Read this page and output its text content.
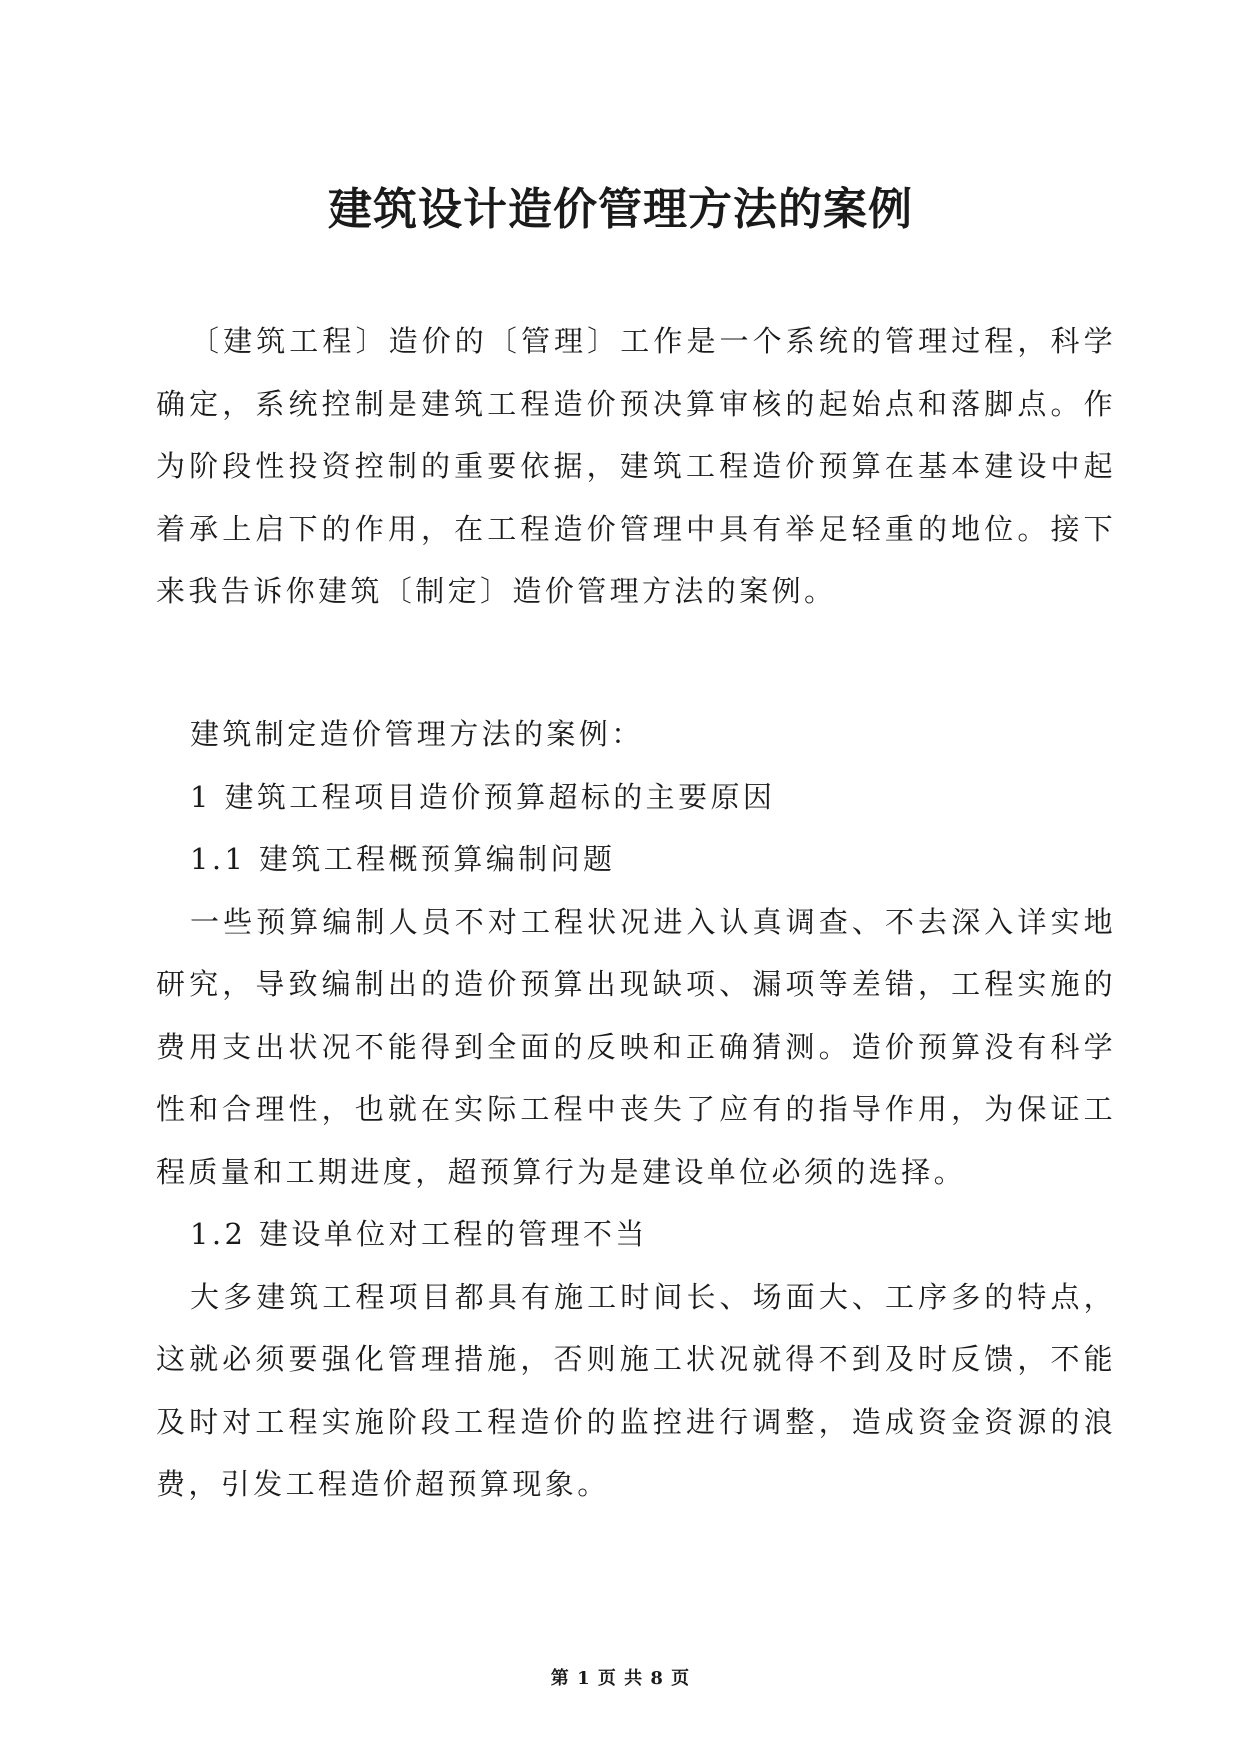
建筑设计造价管理方法的案例

〔建筑工程〕造价的〔管理〕工作是一个系统的管理过程，科学确定，系统控制是建筑工程造价预决算审核的起始点和落脚点。作为阶段性投资控制的重要依据，建筑工程造价预算在基本建设中起着承上启下的作用，在工程造价管理中具有举足轻重的地位。接下来我告诉你建筑〔制定〕造价管理方法的案例。

建筑制定造价管理方法的案例：

1 建筑工程项目造价预算超标的主要原因

1.1 建筑工程概预算编制问题

一些预算编制人员不对工程状况进入认真调查、不去深入详实地研究，导致编制出的造价预算出现缺项、漏项等差错，工程实施的费用支出状况不能得到全面的反映和正确猜测。造价预算没有科学性和合理性，也就在实际工程中丧失了应有的指导作用，为保证工程质量和工期进度，超预算行为是建设单位必须的选择。

1.2 建设单位对工程的管理不当

大多建筑工程项目都具有施工时间长、场面大、工序多的特点，这就必须要强化管理措施，否则施工状况就得不到及时反馈，不能及时对工程实施阶段工程造价的监控进行调整，造成资金资源的浪费，引发工程造价超预算现象。

第 1 页 共 8 页
